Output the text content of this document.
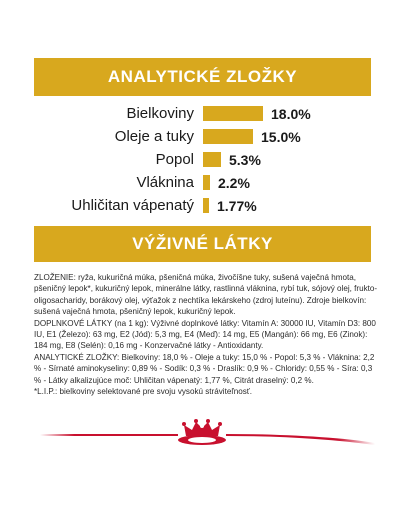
ANALYTICKÉ ZLOŽKY
Bielkoviny	18.0%
Oleje a tuky	15.0%
Popol	5.3%
Vláknina 2.2%
Uhličitan vápenatý 1.77%
VÝŽIVNÉ LÁTKY

ZLOŽENIE: ryža, kukuričná múka, pšeničná múka, živočíšne tuky, sušená vaječná hmota, pšeničný lepok*, kukuričný lepok, minerálne látky, rastlinná vláknina, rybí tuk, sójový olej, frukto-oligosacharidy, borákový olej, výťažok z nechtíka lekárskeho (zdroj luteínu). Zdroje bielkovín: sušená vaječná hmota, pšeničný lepok, kukuričný lepok.

DOPLNKOVÉ LÁTKY (na 1 kg): Výživné doplnkové látky: Vitamín A: 30000 IU, Vitamín D3: 800 IU, E1 (Železo): 63 mg, E2 (Jód): 5,3 mg, E4 (Meď): 14 mg, E5 (Mangán): 66 mg, E6 (Zinok): 184 mg, E8 (Selén): 0,16 mg - Konzervačné látky - Antioxidanty.

ANALYTICKÉ ZLOŽKY: Bielkoviny: 18,0 % - Oleje a tuky: 15,0 % - Popol: 5,3 % - Vláknina: 2,2 % - Sírnaté aminokyseliny: 0,89 % - Sodík: 0,3 % - Draslík: 0,9 % - Chloridy: 0,55 % - Síra: 0,3 % - Látky alkalizujúce moč: Uhličitan vápenatý: 1,77 %, Citrát draselný: 0,2 %.

*L.I.P.: bielkoviny selektované pre svoju vysokú stráviteľnosť.
